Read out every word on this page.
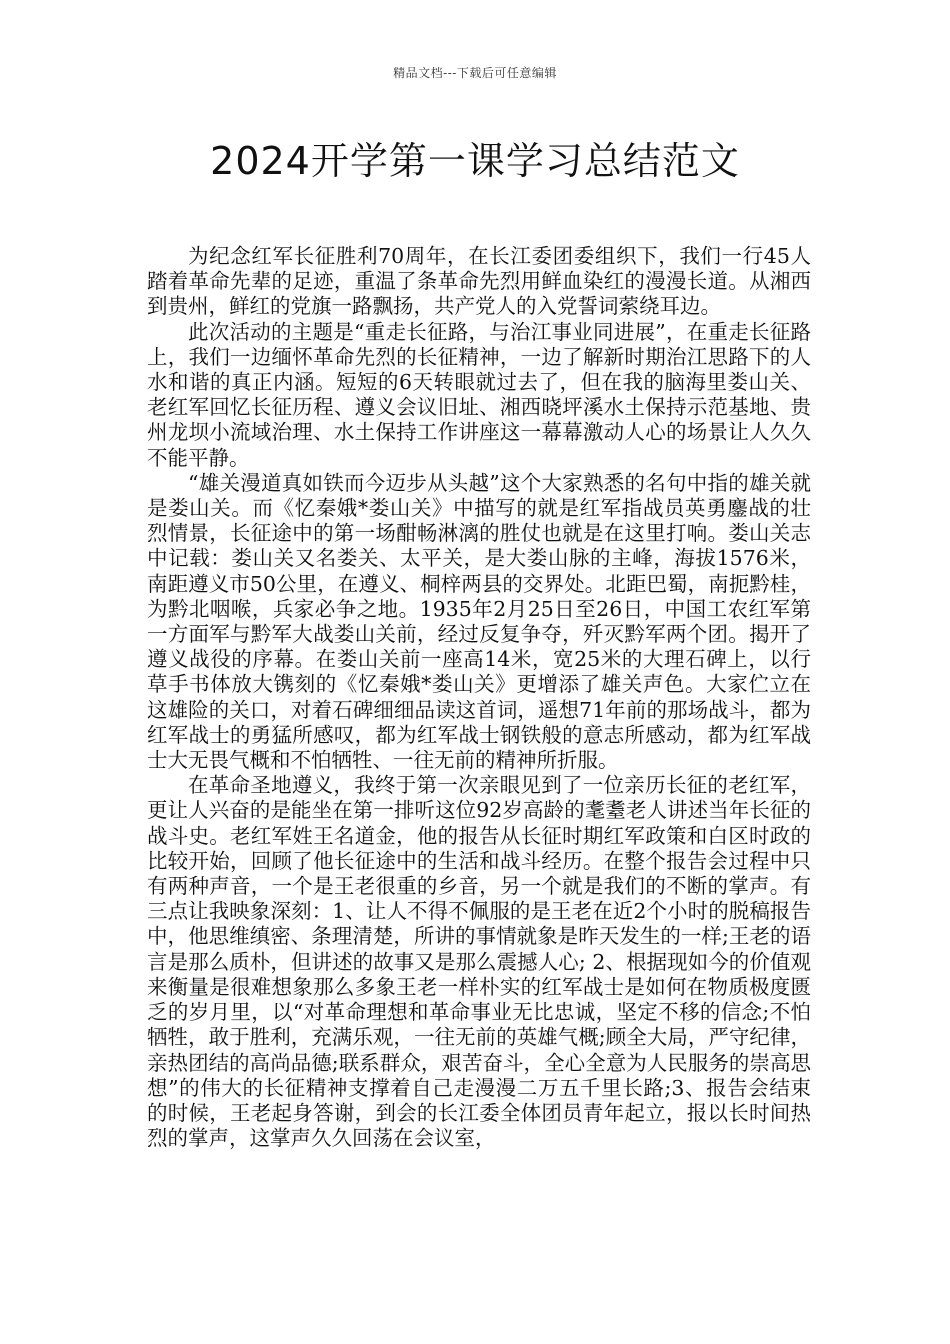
精品文档---下载后可任意编辑
2024开学第一课学习总结范文

为纪念红军长征胜利70周年，在长江委团委组织下，我们一行45人踏着革命先辈的足迹，重温了条革命先烈用鲜血染红的漫漫长道。从湘西到贵州，鲜红的党旗一路飘扬，共产党人的入党誓词萦绕耳边。

此次活动的主题是“重走长征路，与治江事业同进展”，在重走长征路上，我们一边缅怀革命先烈的长征精神，一边了解新时期治江思路下的人水和谐的真正内涵。短短的6天转眼就过去了，但在我的脑海里娄山关、老红军回忆长征历程、遵义会议旧址、湘西晓坪溪水土保持示范基地、贵州龙坝小流域治理、水土保持工作讲座这一幕幕激动人心的场景让人久久不能平静。

“雄关漫道真如铁而今迈步从头越”这个大家熟悉的名句中指的雄关就是娄山关。而《忆秦娥*娄山关》中描写的就是红军指战员英勇鏖战的壮烈情景，长征途中的第一场酣畅淋漓的胜仗也就是在这里打响。娄山关志中记载：娄山关又名娄关、太平关，是大娄山脉的主峰，海拔1576米，南距遵义市50公里，在遵义、桐梓两县的交界处。北距巴蜀，南扼黔桂，为黔北咽喉，兵家必争之地。1935年2月25日至26日，中国工农红军第一方面军与黔军大战娄山关前，经过反复争夺，歼灭黔军两个团。揭开了遵义战役的序幕。在娄山关前一座高14米，宽25米的大理石碑上，以行草手书体放大镌刻的《忆秦娥*娄山关》更增添了雄关声色。大家伫立在这雄险的关口，对着石碑细细品读这首词，遥想71年前的那场战斗，都为红军战士的勇猛所感叹，都为红军战士钢铁般的意志所感动，都为红军战士大无畏气概和不怕牺牲、一往无前的精神所折服。

在革命圣地遵义，我终于第一次亲眼见到了一位亲历长征的老红军，更让人兴奋的是能坐在第一排听这位92岁高龄的耄耋老人讲述当年长征的战斗史。老红军姓王名道金，他的报告从长征时期红军政策和白区时政的比较开始，回顾了他长征途中的生活和战斗经历。在整个报告会过程中只有两种声音，一个是王老很重的乡音，另一个就是我们的不断的掌声。有三点让我映象深刻：1、让人不得不佩服的是王老在近2个小时的脱稿报告中，他思维缜密、条理清楚，所讲的事情就象是昨天发生的一样;王老的语言是那么质朴，但讲述的故事又是那么震撼人心; 2、根据现如今的价值观来衡量是很难想象那么多象王老一样朴实的红军战士是如何在物质极度匮乏的岁月里，以“对革命理想和革命事业无比忠诚，坚定不移的信念;不怕牺牲，敢于胜利，充满乐观，一往无前的英雄气概;顾全大局，严守纪律，亲热团结的高尚品德;联系群众，艰苦奋斗，全心全意为人民服务的崇高思想”的伟大的长征精神支撑着自己走漫漫二万五千里长路;3、报告会结束的时候，王老起身答谢，到会的长江委全体团员青年起立，报以长时间热烈的掌声，这掌声久久回荡在会议室，
